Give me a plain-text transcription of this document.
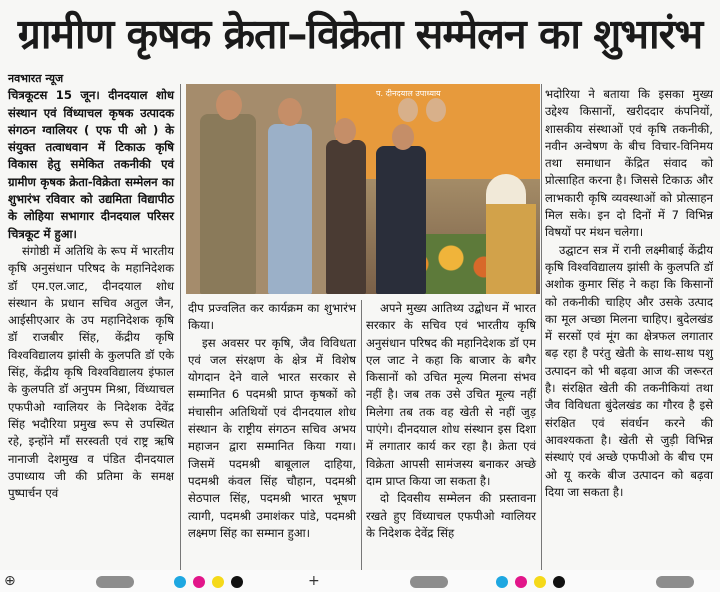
ग्रामीण कृषक क्रेता–विक्रेता सम्मेलन का शुभारंभ

नवभारत न्यूज

चित्रकूटस 15 जून। दीनदयाल शोध संस्थान एवं विंध्याचल कृषक उत्पादक संगठन ग्वालियर ( एफ पी ओ ) के संयुक्त तत्वाधवान में टिकाऊ कृषि विकास हेतु समेकित तकनीकी एवं ग्रामीण कृषक क्रेता-विक्रेता सम्मेलन का शुभारंभ रविवार को उद्यमिता विद्यापीठ के लोहिया सभागार दीनदयाल परिसर चित्रकूट में हुआ।

संगोष्ठी में अतिथि के रूप में भारतीय कृषि अनुसंधान परिषद के महानिदेशक डॉ एम.एल.जाट, दीनदयाल शोध संस्थान के प्रधान सचिव अतुल जैन, आईसीएआर के उप महानिदेशक कृषि डॉ राजबीर सिंह, केंद्रीय कृषि विश्वविद्यालय झांसी के कुलपति डॉ एके सिंह, केंद्रीय कृषि विश्वविद्यालय इंफाल के कुलपति डॉ अनुपम मिश्रा, विंध्याचल एफपीओ ग्वालियर के निदेशक देवेंद्र सिंह भदौरिया प्रमुख रूप से उपस्थित रहे, इन्होंने माँ सरस्वती एवं राष्ट्र ऋषि नानाजी देशमुख व पंडित दीनदयाल उपाध्याय जी की प्रतिमा के समक्ष पुष्पार्चन एवं

प. दीनदयाल उपाध्याय

दीप प्रज्वलित कर कार्यक्रम का शुभारंभ किया।

इस अवसर पर कृषि, जैव विविधता एवं जल संरक्षण के क्षेत्र में विशेष योगदान देने वाले भारत सरकार से सम्मानित 6 पदमश्री प्राप्त कृषकों को मंचासीन अतिथियों एवं दीनदयाल शोध संस्थान के राष्ट्रीय संगठन सचिव अभय महाजन द्वारा सम्मानित किया गया। जिसमें पदमश्री बाबूलाल दाहिया, पदमश्री कंवल सिंह चौहान, पदमश्री सेठपाल सिंह, पदमश्री भारत भूषण त्यागी, पदमश्री उमाशंकर पांडे, पदमश्री लक्ष्मण सिंह का सम्मान हुआ।

अपने मुख्य आतिथ्य उद्बोधन में भारत सरकार के सचिव एवं भारतीय कृषि अनुसंधान परिषद की महानिदेशक डॉ एम एल जाट ने कहा कि बाजार के बगैर किसानों को उचित मूल्य मिलना संभव नहीं है। जब तक उसे उचित मूल्य नहीं मिलेगा तब तक वह खेती से नहीं जुड़ पाएंगे। दीनदयाल शोध संस्थान इस दिशा में लगातार कार्य कर रहा है। क्रेता एवं विक्रेता आपसी सामंजस्य बनाकर अच्छे दाम प्राप्त किया जा सकता है।

दो दिवसीय सम्मेलन की प्रस्तावना रखते हुए विंध्याचल एफपीओ ग्वालियर के निदेशक देवेंद्र सिंह

भदोरिया ने बताया कि इसका मुख्य उद्देश्य किसानों, खरीददार कंपनियों, शासकीय संस्थाओं एवं कृषि तकनीकी, नवीन अन्वेषण के बीच विचार-विनिमय तथा समाधान केंद्रित संवाद को प्रोत्साहित करना है। जिससे टिकाऊ और लाभकारी कृषि व्यवस्थाओं को प्रोत्साहन मिल सके। इन दो दिनों में 7 विभिन्न विषयों पर मंथन चलेगा।

उद्घाटन सत्र में रानी लक्ष्मीबाई केंद्रीय कृषि विश्वविद्यालय झांसी के कुलपति डॉ अशोक कुमार सिंह ने कहा कि किसानों को तकनीकी चाहिए और उसके उत्पाद का मूल अच्छा मिलना चाहिए। बुदेलखंड में सरसों एवं मूंग का क्षेत्रफल लगातार बढ़ रहा है परंतु खेती के साथ-साथ पशु उत्पादन को भी बढ़वा आज की जरूरत है। संरक्षित खेती की तकनीकियां तथा जैव विविधता बुंदेलखंड का गौरव है इसे संरक्षित एवं संवर्धन करने की आवश्यकता है। खेती से जुड़ी विभिन्न संस्थाएं एवं अच्छे एफपीओ के बीच एम ओ यू करके बीज उत्पादन को बढ़वा दिया जा सकता है।

⊕	+
